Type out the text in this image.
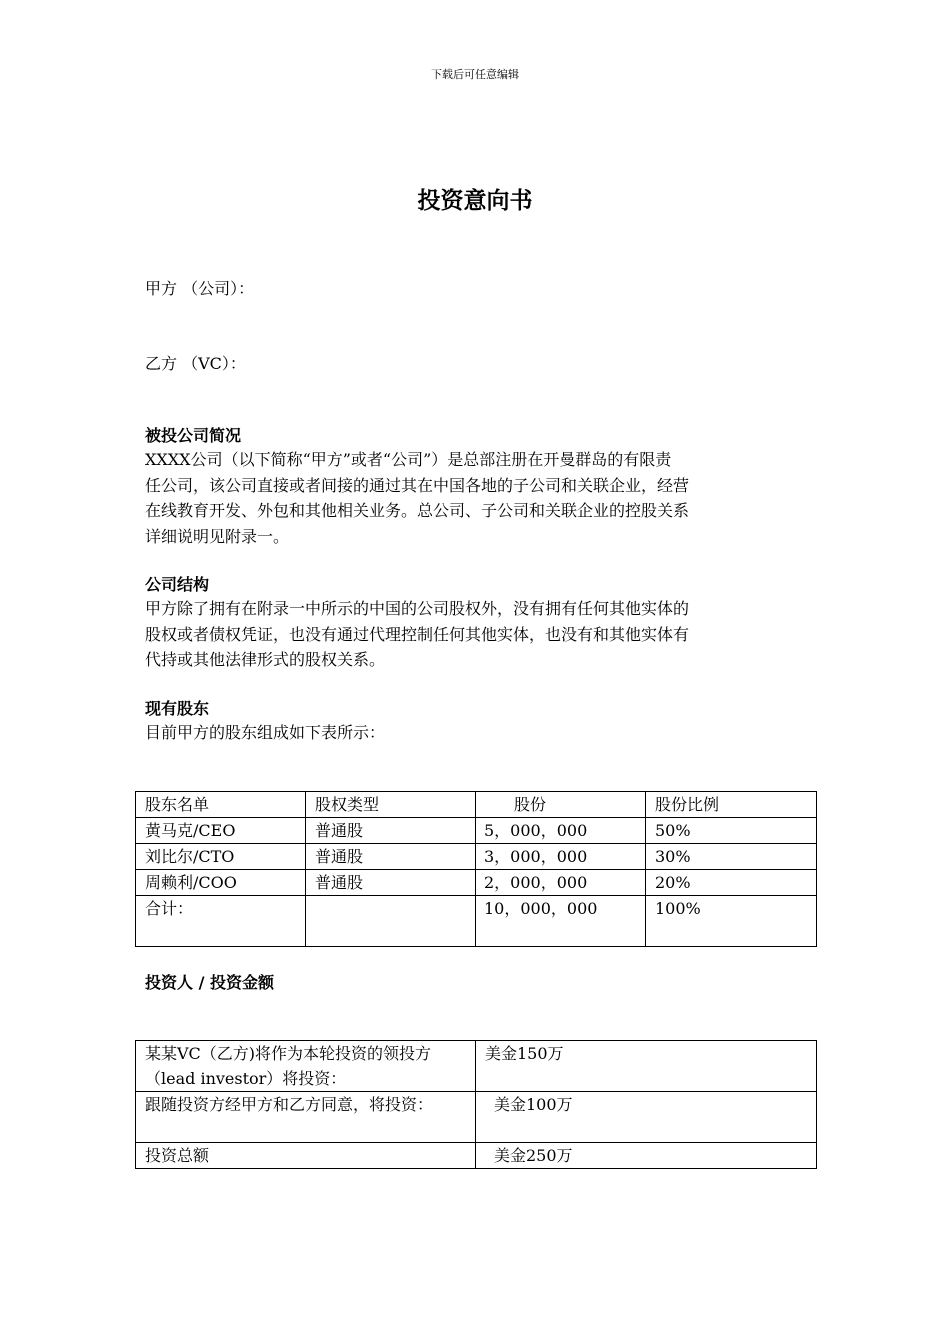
下载后可任意编辑
投资意向书
甲方 （公司）：
乙方 （VC）：
被投公司简况
XXXX公司（以下简称“甲方”或者“公司”）是总部注册在开曼群岛的有限责
任公司，该公司直接或者间接的通过其在中国各地的子公司和关联企业，经营
在线教育开发、外包和其他相关业务。总公司、子公司和关联企业的控股关系
详细说明见附录一。
公司结构
甲方除了拥有在附录一中所示的中国的公司股权外，没有拥有任何其他实体的
股权或者债权凭证，也没有通过代理控制任何其他实体，也没有和其他实体有
代持或其他法律形式的股权关系。
现有股东
目前甲方的股东组成如下表所示：
股东名单	股权类型	股份	股份比例
黄马克/CEO	普通股	5，000，000	50%
刘比尔/CTO	普通股	3，000，000	30%
周赖利/COO	普通股	2，000，000	20%
合计：		10，000，000	100%
投资人 / 投资金额
某某VC（乙方)将作为本轮投资的领投方（lead investor）将投资：	美金150万
跟随投资方经甲方和乙方同意，将投资：	美金100万
投资总额	美金250万
